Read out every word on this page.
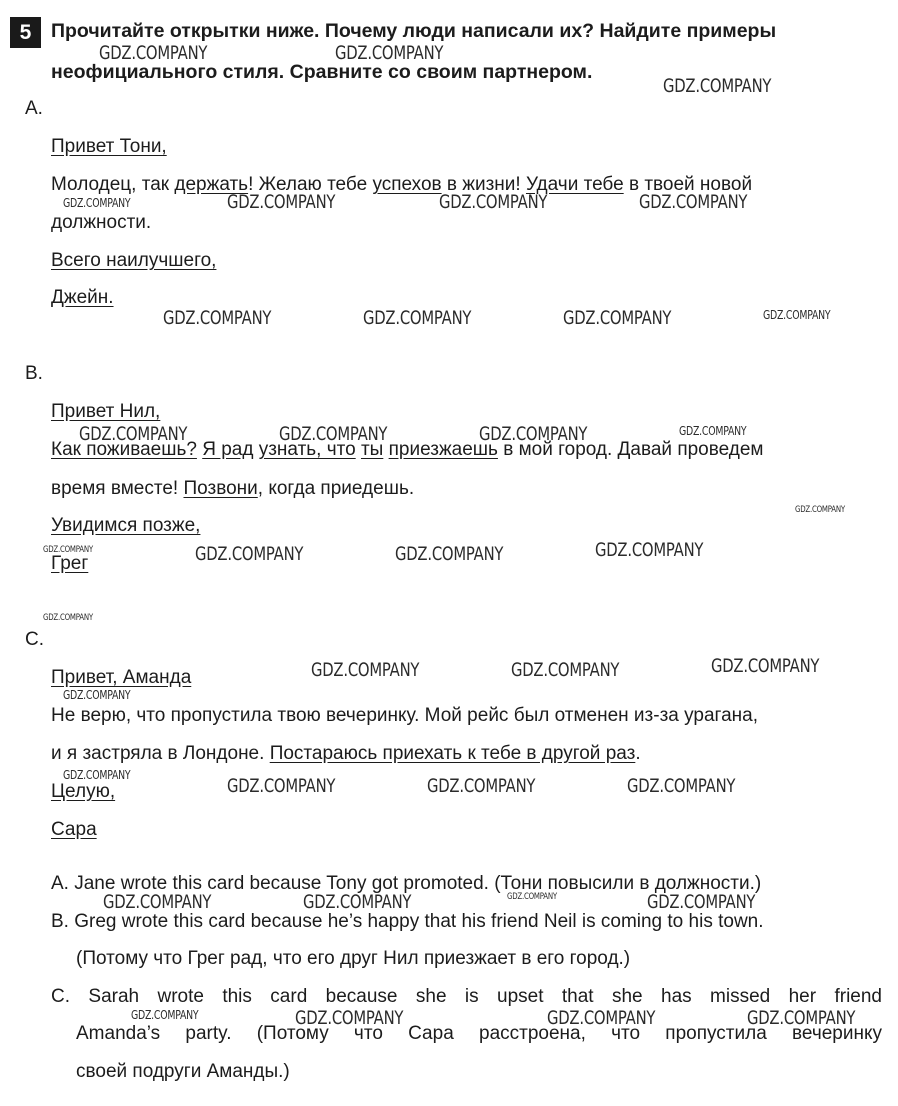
5	Прочитайте открытки ниже. Почему люди написали их? Найдите примеры
неофициального стиля. Сравните со своим партнером.
A.
Привет Тони,
Молодец, так держать! Желаю тебе успехов в жизни! Удачи тебе в твоей новой
должности.
Всего наилучшего,
Джейн.
B.
Привет Нил,
Как поживаешь? Я рад узнать, что ты приезжаешь в мой город. Давай проведем
время вместе! Позвони, когда приедешь.
Увидимся позже,
Грег
C.
Привет, Аманда
Не верю, что пропустила твою вечеринку. Мой рейс был отменен из-за урагана,
и я застряла в Лондоне. Постараюсь приехать к тебе в другой раз.
Целую,
Сара
A. Jane wrote this card because Tony got promoted. (Тони повысили в должности.)
B. Greg wrote this card because he’s happy that his friend Neil is coming to his town.
(Потому что Грег рад, что его друг Нил приезжает в его город.)
C. Sarah wrote this card because she is upset that she has missed her friend
Amanda’s party. (Потому что Сара расстроена, что пропустила вечеринку
своей подруги Аманды.)
GDZ.COMPANY	GDZ.COMPANY
GDZ.COMPANY
GDZ.COMPANY	GDZ.COMPANY	GDZ.COMPANY	GDZ.COMPANY
GDZ.COMPANY	GDZ.COMPANY	GDZ.COMPANY	GDZ.COMPANY
GDZ.COMPANY	GDZ.COMPANY	GDZ.COMPANY	GDZ.COMPANY
GDZ.COMPANY
GDZ.COMPANY	GDZ.COMPANY	GDZ.COMPANY	GDZ.COMPANY
GDZ.COMPANY
GDZ.COMPANY	GDZ.COMPANY	GDZ.COMPANY
GDZ.COMPANY
GDZ.COMPANY	GDZ.COMPANY	GDZ.COMPANY	GDZ.COMPANY
GDZ.COMPANY	GDZ.COMPANY	GDZ.COMPANY	GDZ.COMPANY
GDZ.COMPANY	GDZ.COMPANY	GDZ.COMPANY	GDZ.COMPANY
